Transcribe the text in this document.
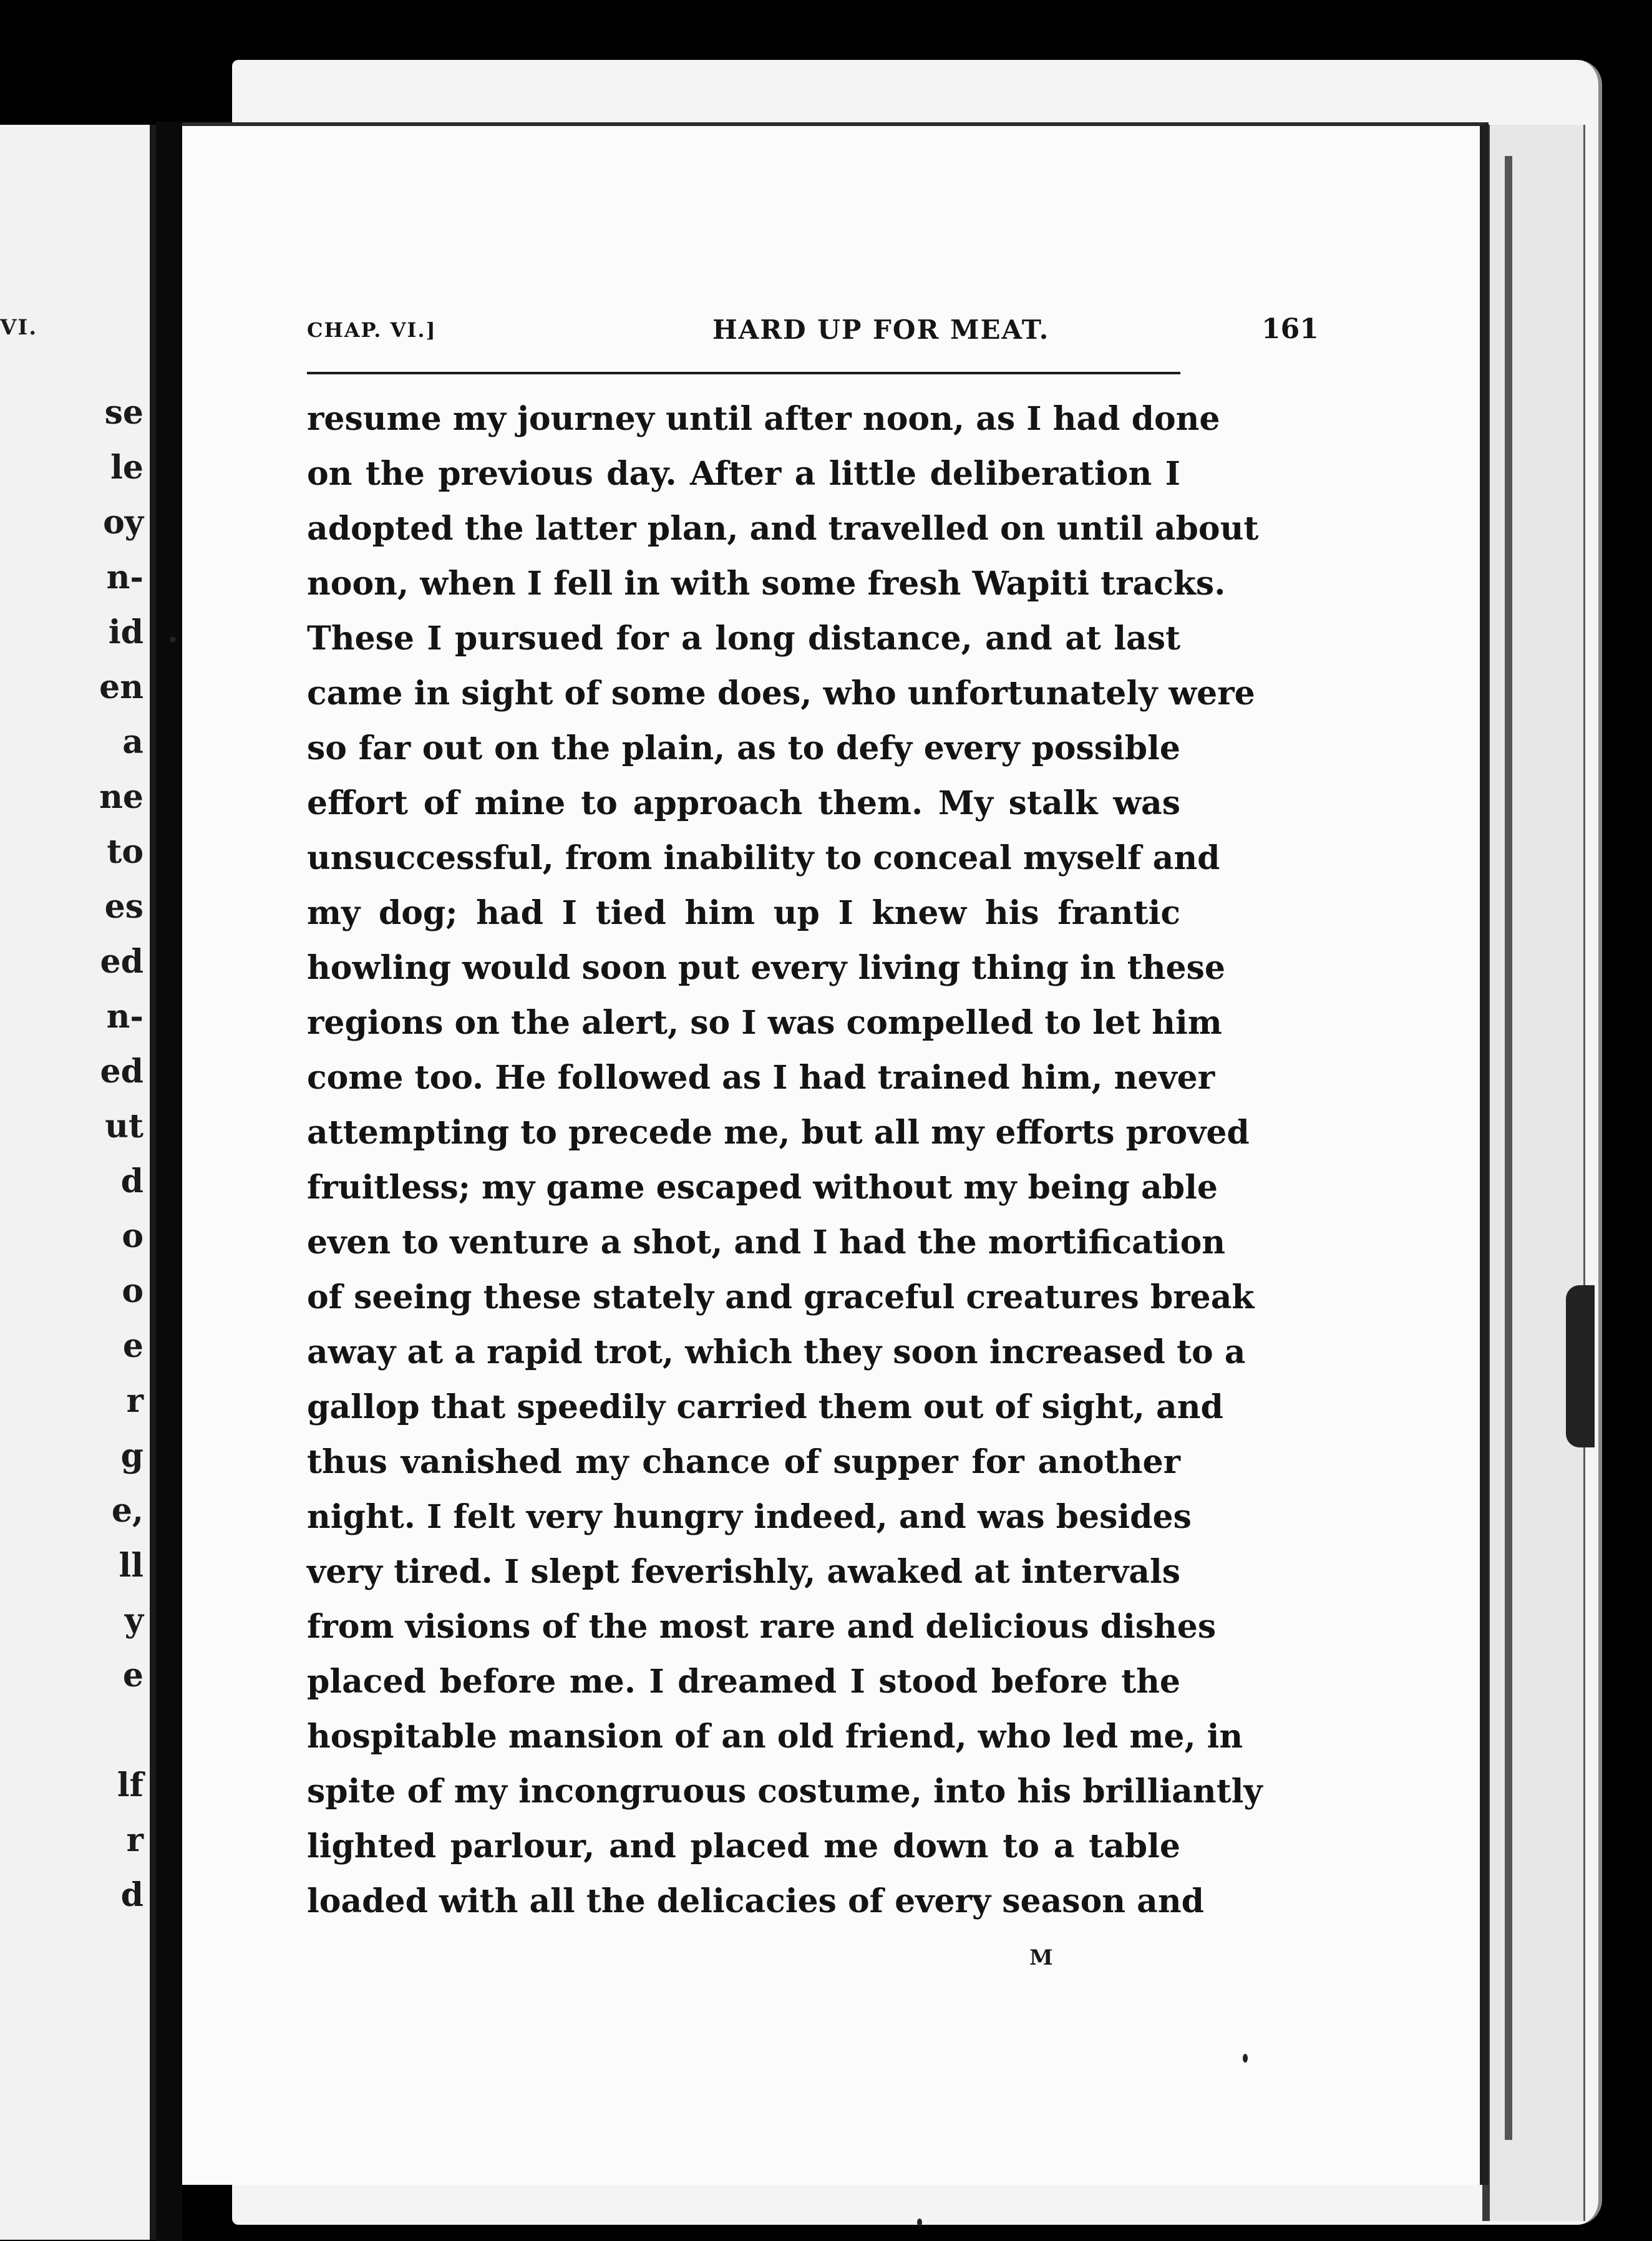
VI.
se
le
oy
n-
id
en
a
ne
to
es
ed
n-
ed
ut
d
o
o
e
r
g
e,
ll
y
e
lf
r
d
CHAP. VI.]	HARD UP FOR MEAT.	161
resume my journey until after noon, as I had done
on the previous day. After a little deliberation I
adopted the latter plan, and travelled on until about
noon, when I fell in with some fresh Wapiti tracks.
These I pursued for a long distance, and at last
came in sight of some does, who unfortunately were
so far out on the plain, as to defy every possible
effort of mine to approach them. My stalk was
unsuccessful, from inability to conceal myself and
my dog; had I tied him up I knew his frantic
howling would soon put every living thing in these
regions on the alert, so I was compelled to let him
come too. He followed as I had trained him, never
attempting to precede me, but all my efforts proved
fruitless; my game escaped without my being able
even to venture a shot, and I had the mortification
of seeing these stately and graceful creatures break
away at a rapid trot, which they soon increased to a
gallop that speedily carried them out of sight, and
thus vanished my chance of supper for another
night. I felt very hungry indeed, and was besides
very tired. I slept feverishly, awaked at intervals
from visions of the most rare and delicious dishes
placed before me. I dreamed I stood before the
hospitable mansion of an old friend, who led me, in
spite of my incongruous costume, into his brilliantly
lighted parlour, and placed me down to a table
loaded with all the delicacies of every season and
M
